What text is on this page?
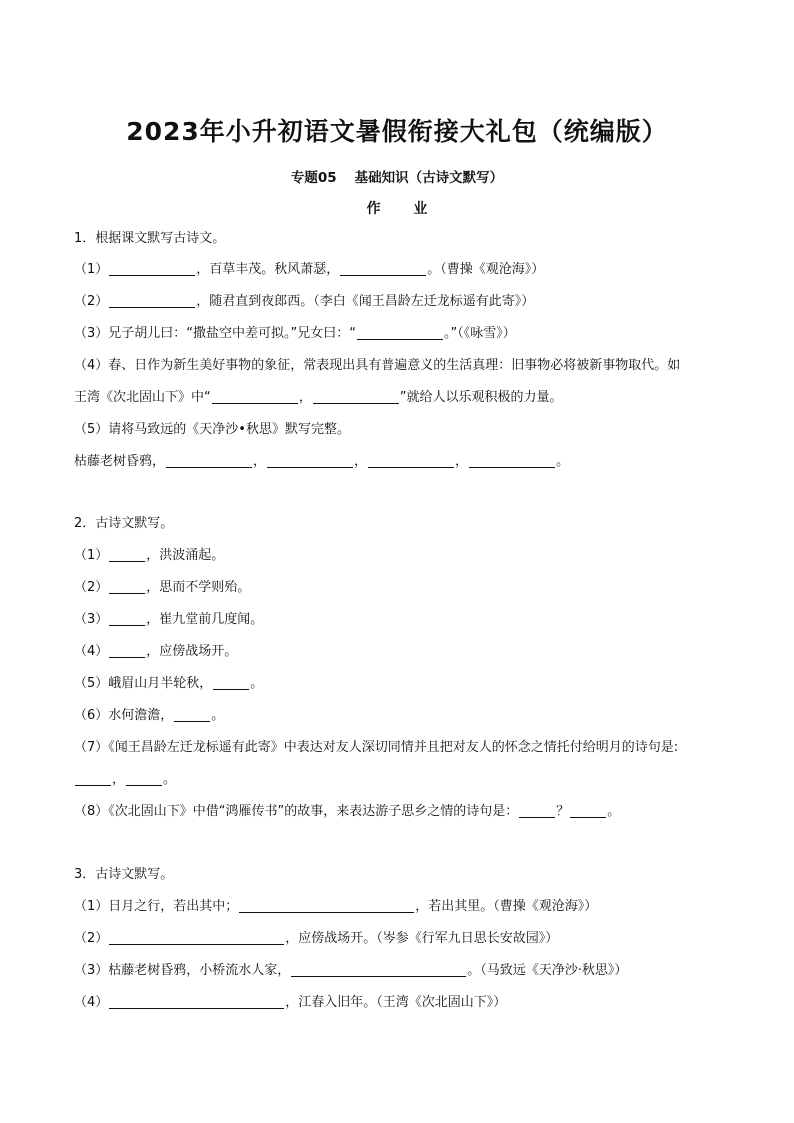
2023年小升初语文暑假衔接大礼包（统编版）
专题05 基础知识（古诗文默写）
作 业
1．根据课文默写古诗文。
（1）	，百草丰茂。秋风萧瑟，	。（曹操《观沧海》）
（2）	，随君直到夜郎西。（李白《闻王昌龄左迁龙标遥有此寄》）
（3）兄子胡儿曰：“撒盐空中差可拟。”兄女曰：“	。”（《咏雪》）
（4）春、日作为新生美好事物的象征，常表现出具有普遍意义的生活真理：旧事物必将被新事物取代。如
王湾《次北固山下》中“	，	”就给人以乐观积极的力量。
（5）请将马致远的《天净沙•秋思》默写完整。
枯藤老树昏鸦，	，	，	，	。
2．古诗文默写。
（1）	，洪波涌起。
（2）	，思而不学则殆。
（3）	，崔九堂前几度闻。
（4）	，应傍战场开。
（5）峨眉山月半轮秋，	。
（6）水何澹澹，	。
（7）《闻王昌龄左迁龙标遥有此寄》中表达对友人深切同情并且把对友人的怀念之情托付给明月的诗句是:
，	。
（8）《次北固山下》中借“鸿雁传书”的故事，来表达游子思乡之情的诗句是：	？	。
3．古诗文默写。
（1）日月之行，若出其中；	，若出其里。（曹操《观沧海》）
（2）	，应傍战场开。（岑参《行军九日思长安故园》）
（3）枯藤老树昏鸦，小桥流水人家，	。（马致远《天净沙·秋思》）
（4）	，江春入旧年。（王湾《次北固山下》）
